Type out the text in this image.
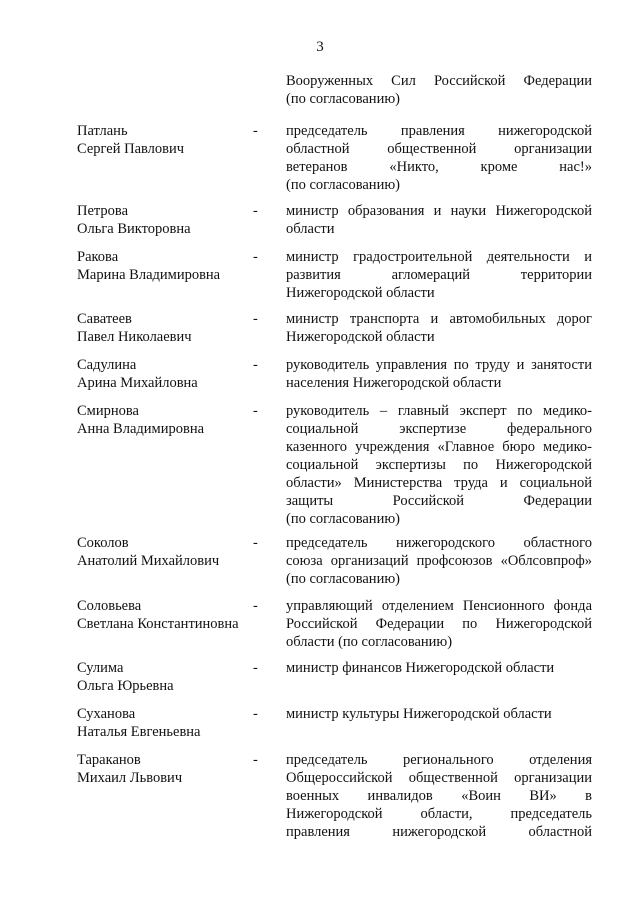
3
Вооруженных Сил Российской Федерации
(по согласованию)
Патлань
Сергей Павлович
- председатель правления нижегородской
областной общественной организации
ветеранов «Никто, кроме нас!»
(по согласованию)
Петрова
Ольга Викторовна
- министр образования и науки Нижегородской
области
Ракова
Марина Владимировна
- министр градостроительной деятельности и
развития агломераций территории
Нижегородской области
Саватеев
Павел Николаевич
- министр транспорта и автомобильных дорог
Нижегородской области
Садулина
Арина Михайловна
- руководитель управления по труду и занятости
населения Нижегородской области
Смирнова
Анна Владимировна
- руководитель – главный эксперт по медико-
социальной экспертизе федерального
казенного учреждения «Главное бюро медико-
социальной экспертизы по Нижегородской
области» Министерства труда и социальной
защиты Российской Федерации
(по согласованию)
Соколов
Анатолий Михайлович
- председатель нижегородского областного
союза организаций профсоюзов «Облсовпроф»
(по согласованию)
Соловьева
Светлана Константиновна
- управляющий отделением Пенсионного фонда
Российской Федерации по Нижегородской
области (по согласованию)
Сулима
Ольга Юрьевна
- министр финансов Нижегородской области
Суханова
Наталья Евгеньевна
- министр культуры Нижегородской области
Тараканов
Михаил Львович
- председатель регионального отделения
Общероссийской общественной организации
военных инвалидов «Воин ВИ» в
Нижегородской области, председатель
правления нижегородской областной
